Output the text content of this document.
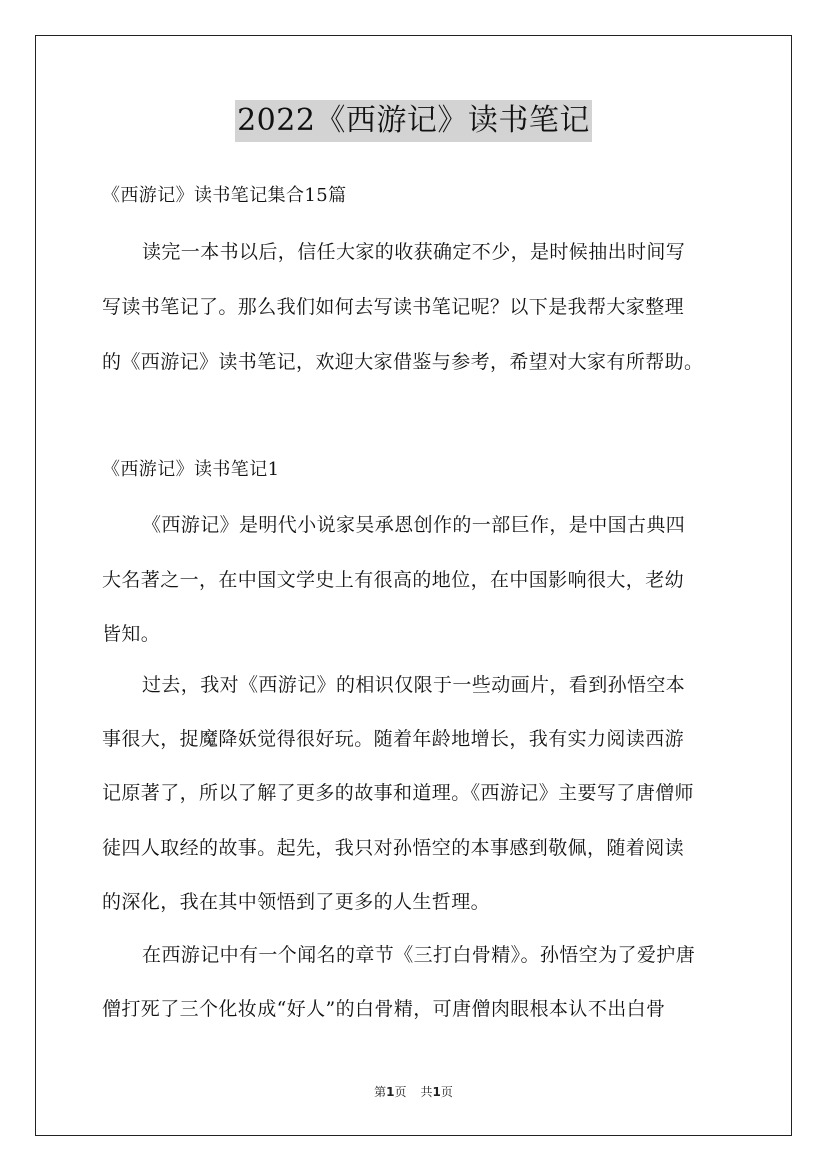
2022《西游记》读书笔记
《西游记》读书笔记集合15篇
读完一本书以后，信任大家的收获确定不少，是时候抽出时间写
写读书笔记了。那么我们如何去写读书笔记呢？以下是我帮大家整理
的《西游记》读书笔记，欢迎大家借鉴与参考，希望对大家有所帮助。
《西游记》读书笔记1
《西游记》是明代小说家吴承恩创作的一部巨作，是中国古典四
大名著之一，在中国文学史上有很高的地位，在中国影响很大，老幼
皆知。
过去，我对《西游记》的相识仅限于一些动画片，看到孙悟空本
事很大，捉魔降妖觉得很好玩。随着年龄地增长，我有实力阅读西游
记原著了，所以了解了更多的故事和道理。《西游记》主要写了唐僧师
徒四人取经的故事。起先，我只对孙悟空的本事感到敬佩，随着阅读
的深化，我在其中领悟到了更多的人生哲理。
在西游记中有一个闻名的章节《三打白骨精》。孙悟空为了爱护唐
僧打死了三个化妆成“好人”的白骨精，可唐僧肉眼根本认不出白骨
第1页 共1页
